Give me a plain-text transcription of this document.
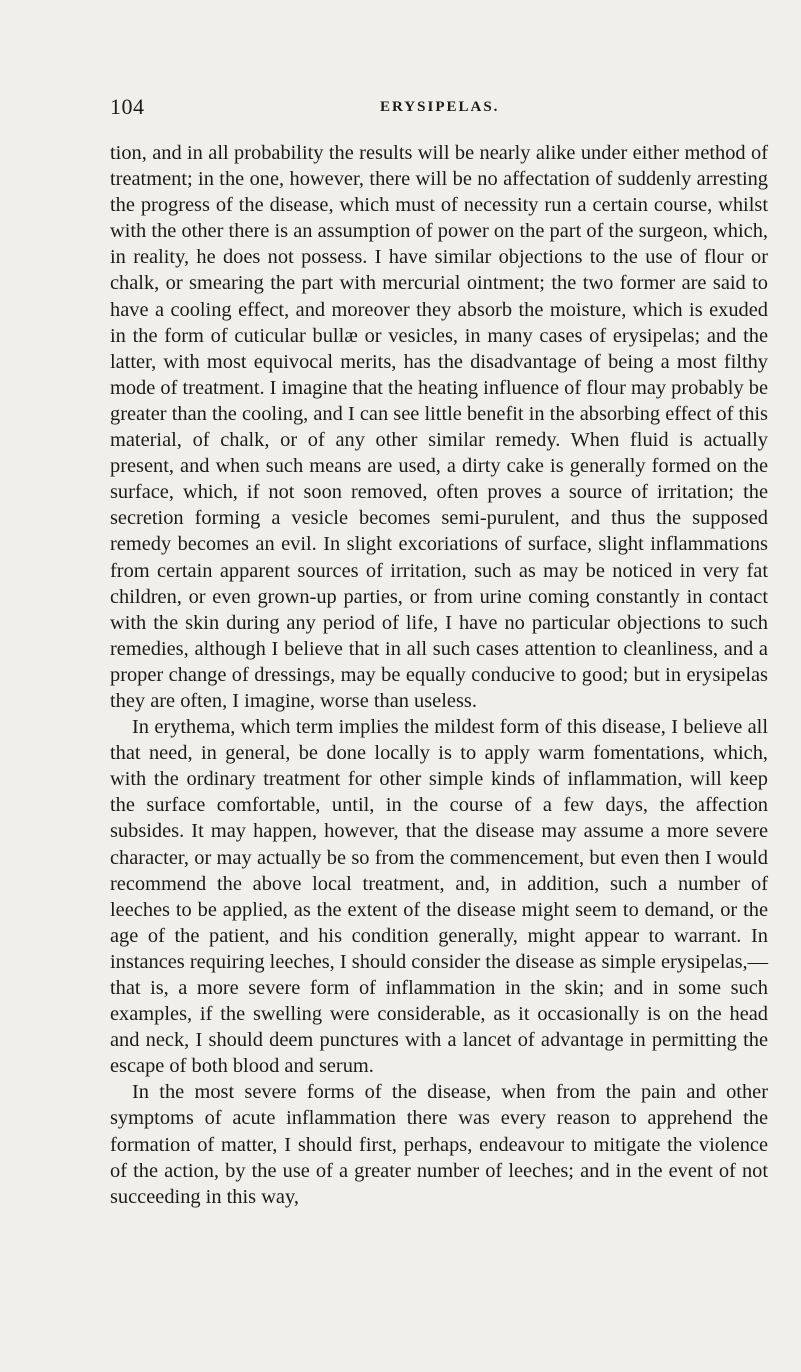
104	ERYSIPELAS.

tion, and in all probability the results will be nearly alike under either method of treatment; in the one, however, there will be no affectation of suddenly arresting the progress of the disease, which must of necessity run a certain course, whilst with the other there is an assumption of power on the part of the surgeon, which, in reality, he does not possess. I have similar objections to the use of flour or chalk, or smearing the part with mercurial ointment; the two former are said to have a cooling effect, and moreover they absorb the moisture, which is exuded in the form of cuticular bullæ or vesicles, in many cases of erysipelas; and the latter, with most equivocal merits, has the disadvantage of being a most filthy mode of treatment. I imagine that the heating influence of flour may probably be greater than the cooling, and I can see little benefit in the absorbing effect of this material, of chalk, or of any other similar remedy. When fluid is actually present, and when such means are used, a dirty cake is generally formed on the surface, which, if not soon removed, often proves a source of irritation; the secretion forming a vesicle becomes semi-purulent, and thus the supposed remedy becomes an evil. In slight excoriations of surface, slight inflammations from certain apparent sources of irritation, such as may be noticed in very fat children, or even grown-up parties, or from urine coming constantly in contact with the skin during any period of life, I have no particular objections to such remedies, although I believe that in all such cases attention to cleanliness, and a proper change of dressings, may be equally conducive to good; but in erysipelas they are often, I imagine, worse than useless.

In erythema, which term implies the mildest form of this disease, I believe all that need, in general, be done locally is to apply warm fomentations, which, with the ordinary treatment for other simple kinds of inflammation, will keep the surface comfortable, until, in the course of a few days, the affection subsides. It may happen, however, that the disease may assume a more severe character, or may actually be so from the commencement, but even then I would recommend the above local treatment, and, in addition, such a number of leeches to be applied, as the extent of the disease might seem to demand, or the age of the patient, and his condition generally, might appear to warrant. In instances requiring leeches, I should consider the disease as simple erysipelas,—that is, a more severe form of inflammation in the skin; and in some such examples, if the swelling were considerable, as it occasionally is on the head and neck, I should deem punctures with a lancet of advantage in permitting the escape of both blood and serum.

In the most severe forms of the disease, when from the pain and other symptoms of acute inflammation there was every reason to apprehend the formation of matter, I should first, perhaps, endeavour to mitigate the violence of the action, by the use of a greater number of leeches; and in the event of not succeeding in this way,
